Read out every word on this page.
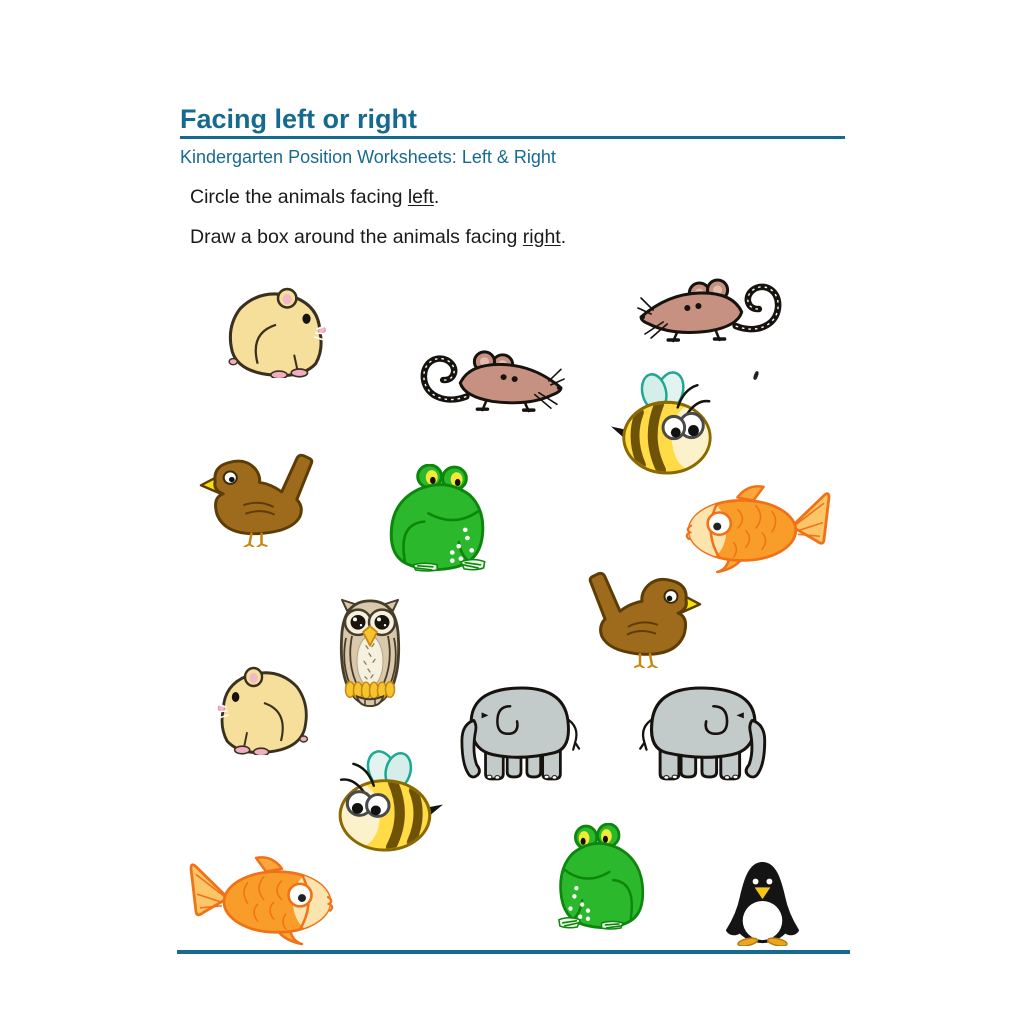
Facing left or right

Kindergarten Position Worksheets: Left & Right

Circle the animals facing left.

Draw a box around the animals facing right.
